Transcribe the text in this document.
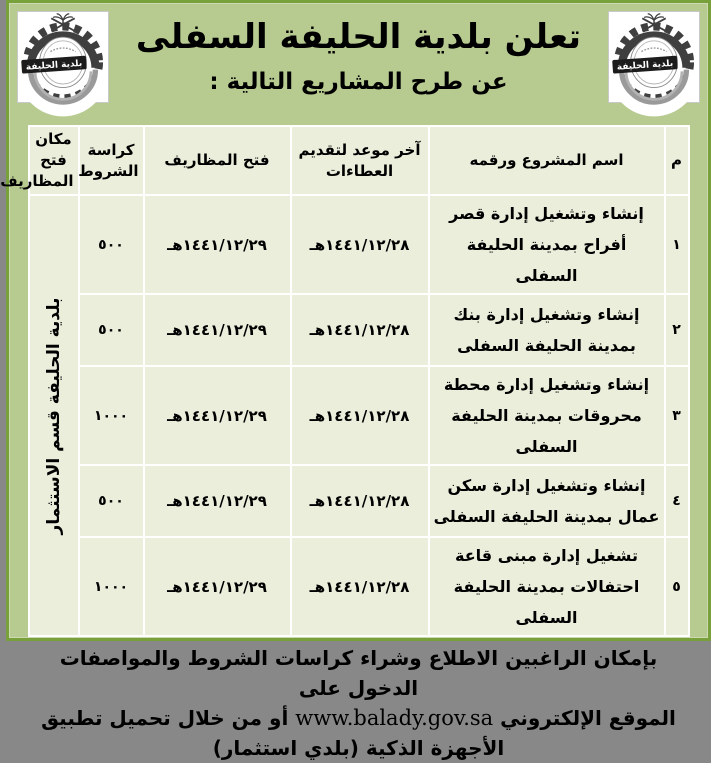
بلدية الحليفة
تعلن بلدية الحليفة السفلى
عن طرح المشاريع التالية :
بلدية الحليفة
م	اسم المشروع ورقمه	آخر موعد لتقديم العطاءات	فتح المظاريف	كراسة الشروط	مكان فتح المظاريف
١	إنشاء وتشغيل إدارة قصر أفراح بمدينة الحليفة السفلى	١٤٤١/١٢/٢٨هـ	١٤٤١/١٢/٢٩هـ	٥٠٠	بلدية الحليفة قسم الاستثمار

٢	إنشاء وتشغيل إدارة بنك بمدينة الحليفة السفلى	١٤٤١/١٢/٢٨هـ	١٤٤١/١٢/٢٩هـ	٥٠٠	
٣	إنشاء وتشغيل إدارة محطة محروقات بمدينة الحليفة السفلى	١٤٤١/١٢/٢٨هـ	١٤٤١/١٢/٢٩هـ	١٠٠٠	
٤	إنشاء وتشغيل إدارة سكن عمال بمدينة الحليفة السفلى	١٤٤١/١٢/٢٨هـ	١٤٤١/١٢/٢٩هـ	٥٠٠	
٥	تشغيل إدارة مبنى قاعة احتفالات بمدينة الحليفة السفلى	١٤٤١/١٢/٢٨هـ	١٤٤١/١٢/٢٩هـ	١٠٠٠	

بإمكان الراغبين الاطلاع وشراء كراسات الشروط والمواصفات الدخول على

الموقع الإلكتروني www.balady.gov.sa أو من خلال تحميل تطبيق

الأجهزة الذكية (بلدي استثمار)
